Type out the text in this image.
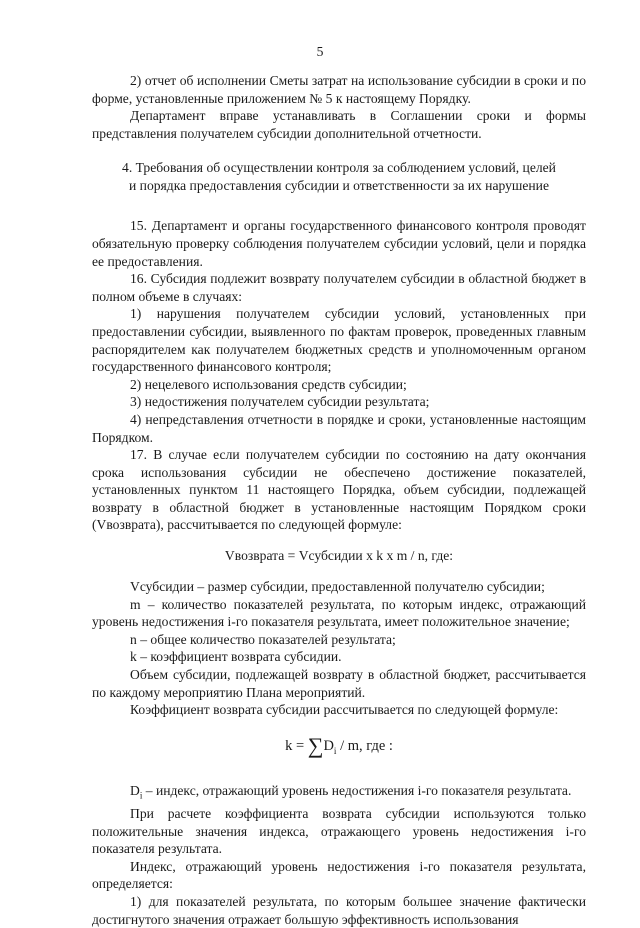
5

2) отчет об исполнении Сметы затрат на использование субсидии в сроки и по форме, установленные приложением № 5 к настоящему Порядку.

Департамент вправе устанавливать в Соглашении сроки и формы представления получателем субсидии дополнительной отчетности.

4. Требования об осуществлении контроля за соблюдением условий, целей
и порядка предоставления субсидии и ответственности за их нарушение

15. Департамент и органы государственного финансового контроля проводят обязательную проверку соблюдения получателем субсидии условий, цели и порядка ее предоставления.

16. Субсидия подлежит возврату получателем субсидии в областной бюджет в полном объеме в случаях:

1) нарушения получателем субсидии условий, установленных при предоставлении субсидии, выявленного по фактам проверок, проведенных главным распорядителем как получателем бюджетных средств и уполномоченным органом государственного финансового контроля;

2) нецелевого использования средств субсидии;

3) недостижения получателем субсидии результата;

4) непредставления отчетности в порядке и сроки, установленные настоящим Порядком.

17. В случае если получателем субсидии по состоянию на дату окончания срока использования субсидии не обеспечено достижение показателей, установленных пунктом 11 настоящего Порядка, объем субсидии, подлежащей возврату в областной бюджет в установленные настоящим Порядком сроки (Vвозврата), рассчитывается по следующей формуле:

Vвозврата = Vсубсидии x k x m / n, где:

Vсубсидии – размер субсидии, предоставленной получателю субсидии;

m – количество показателей результата, по которым индекс, отражающий уровень недостижения i-го показателя результата, имеет положительное значение;

n – общее количество показателей результата;

k – коэффициент возврата субсидии.

Объем субсидии, подлежащей возврату в областной бюджет, рассчитывается по каждому мероприятию Плана мероприятий.

Коэффициент возврата субсидии рассчитывается по следующей формуле:

$k = \sum D_i / m$, где :

$D_i$ – индекс, отражающий уровень недостижения i-го показателя результата.

При расчете коэффициента возврата субсидии используются только положительные значения индекса, отражающего уровень недостижения i-го показателя результата.

Индекс, отражающий уровень недостижения i-го показателя результата, определяется:

1) для показателей результата, по которым большее значение фактически достигнутого значения отражает большую эффективность использования
